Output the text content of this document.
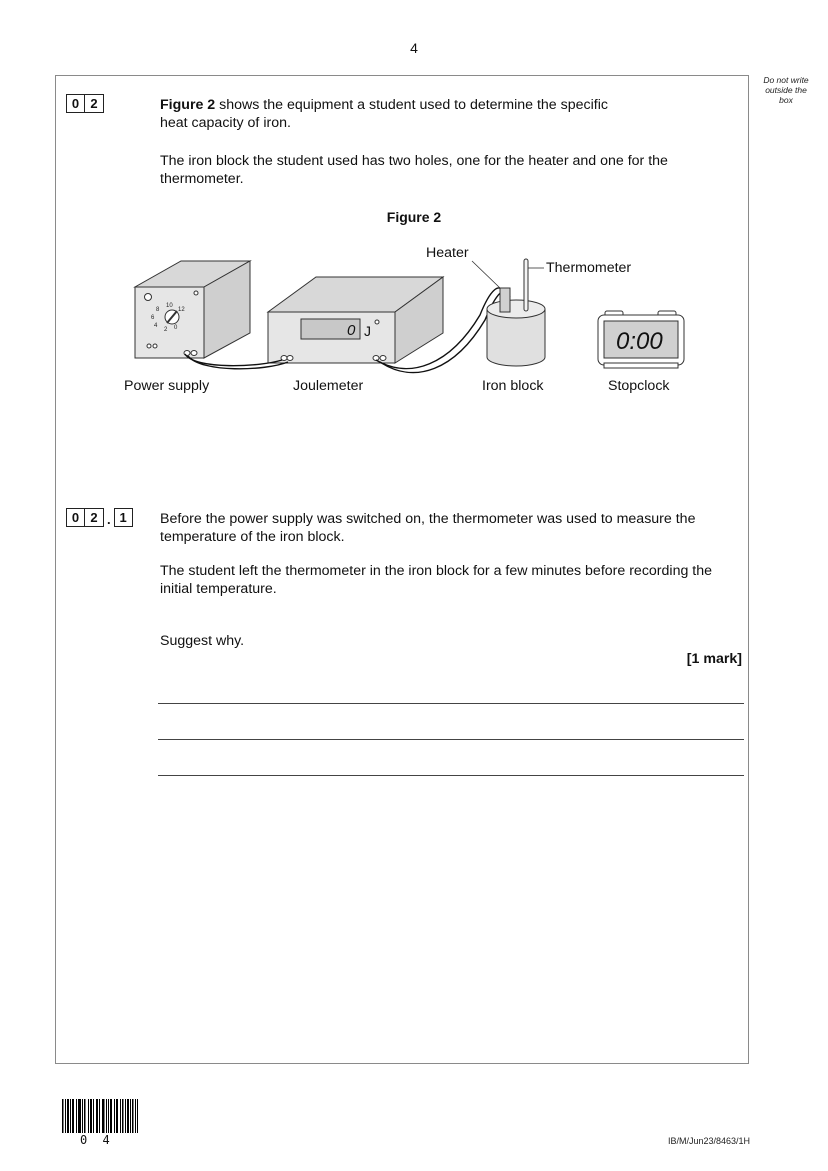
4
Do not write outside the box
0 2	Figure 2 shows the equipment a student used to determine the specific heat capacity of iron.
The iron block the student used has two holes, one for the heater and one for the thermometer.
Figure 2
8
10
12
6
4
2 0	0 J	0:00
Heater
Thermometer
Power supply	Joulemeter	Iron block	Stopclock
0 2 . 1	Before the power supply was switched on, the thermometer was used to measure the temperature of the iron block.
The student left the thermometer in the iron block for a few minutes before recording the initial temperature.
Suggest why.
[1 mark]
0 4	IB/M/Jun23/8463/1H
